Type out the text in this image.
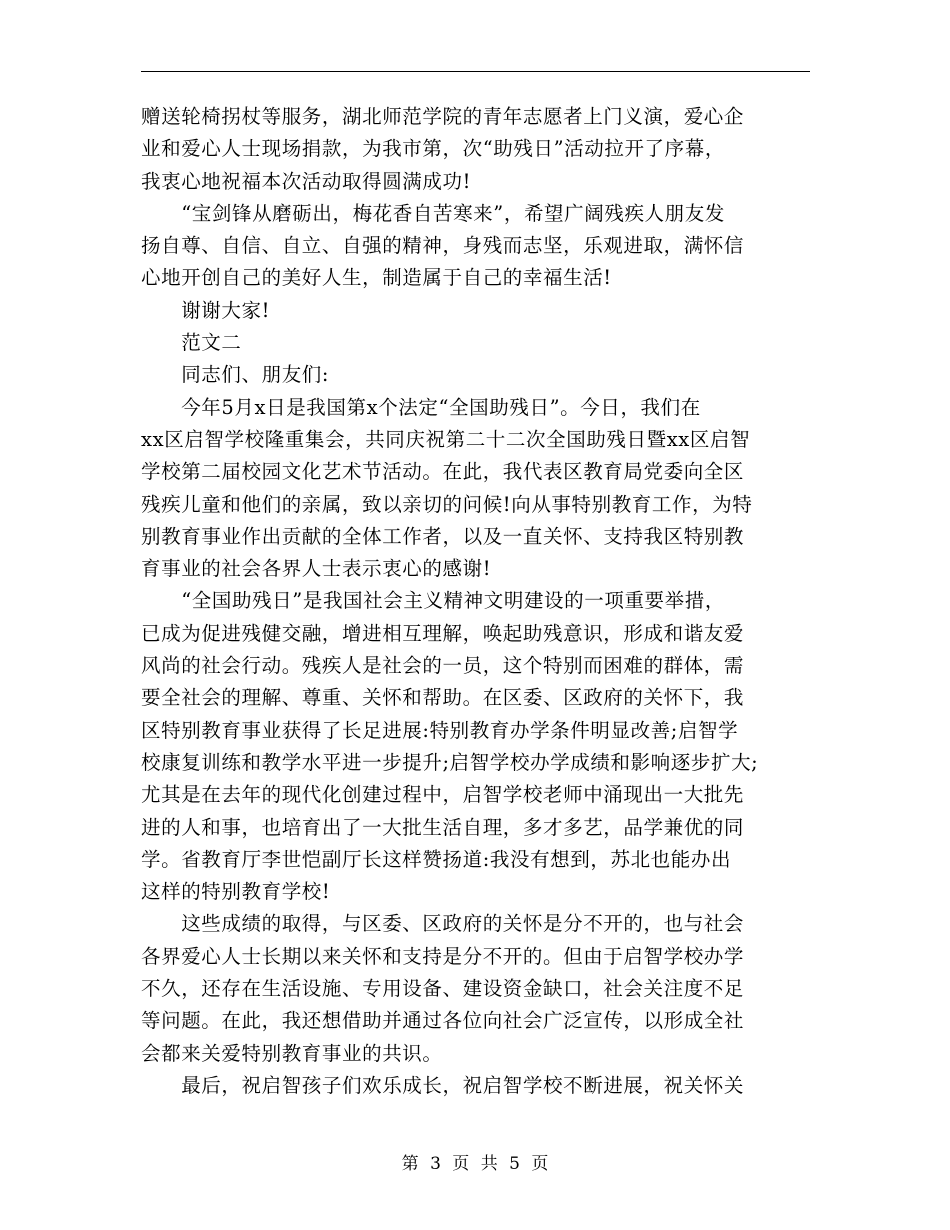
赠送轮椅拐杖等服务，湖北师范学院的青年志愿者上门义演，爱心企
业和爱心人士现场捐款，为我市第，次“助残日”活动拉开了序幕，
我衷心地祝福本次活动取得圆满成功!
　　“宝剑锋从磨砺出，梅花香自苦寒来”，希望广阔残疾人朋友发
扬自尊、自信、自立、自强的精神，身残而志坚，乐观进取，满怀信
心地开创自己的美好人生，制造属于自己的幸福生活!
　　谢谢大家!
　　范文二
　　同志们、朋友们:
　　今年5月x日是我国第x个法定“全国助残日”。今日，我们在
xx区启智学校隆重集会，共同庆祝第二十二次全国助残日暨xx区启智
学校第二届校园文化艺术节活动。在此，我代表区教育局党委向全区
残疾儿童和他们的亲属，致以亲切的问候!向从事特别教育工作，为特
别教育事业作出贡献的全体工作者，以及一直关怀、支持我区特别教
育事业的社会各界人士表示衷心的感谢!
　　“全国助残日”是我国社会主义精神文明建设的一项重要举措，
已成为促进残健交融，增进相互理解，唤起助残意识，形成和谐友爱
风尚的社会行动。残疾人是社会的一员，这个特别而困难的群体，需
要全社会的理解、尊重、关怀和帮助。在区委、区政府的关怀下，我
区特别教育事业获得了长足进展:特别教育办学条件明显改善;启智学
校康复训练和教学水平进一步提升;启智学校办学成绩和影响逐步扩大;
尤其是在去年的现代化创建过程中，启智学校老师中涌现出一大批先
进的人和事，也培育出了一大批生活自理，多才多艺，品学兼优的同
学。省教育厅李世恺副厅长这样赞扬道:我没有想到，苏北也能办出
这样的特别教育学校!
　　这些成绩的取得，与区委、区政府的关怀是分不开的，也与社会
各界爱心人士长期以来关怀和支持是分不开的。但由于启智学校办学
不久，还存在生活设施、专用设备、建设资金缺口，社会关注度不足
等问题。在此，我还想借助并通过各位向社会广泛宣传，以形成全社
会都来关爱特别教育事业的共识。
　　最后，祝启智孩子们欢乐成长，祝启智学校不断进展，祝关怀关
第 3 页 共 5 页
